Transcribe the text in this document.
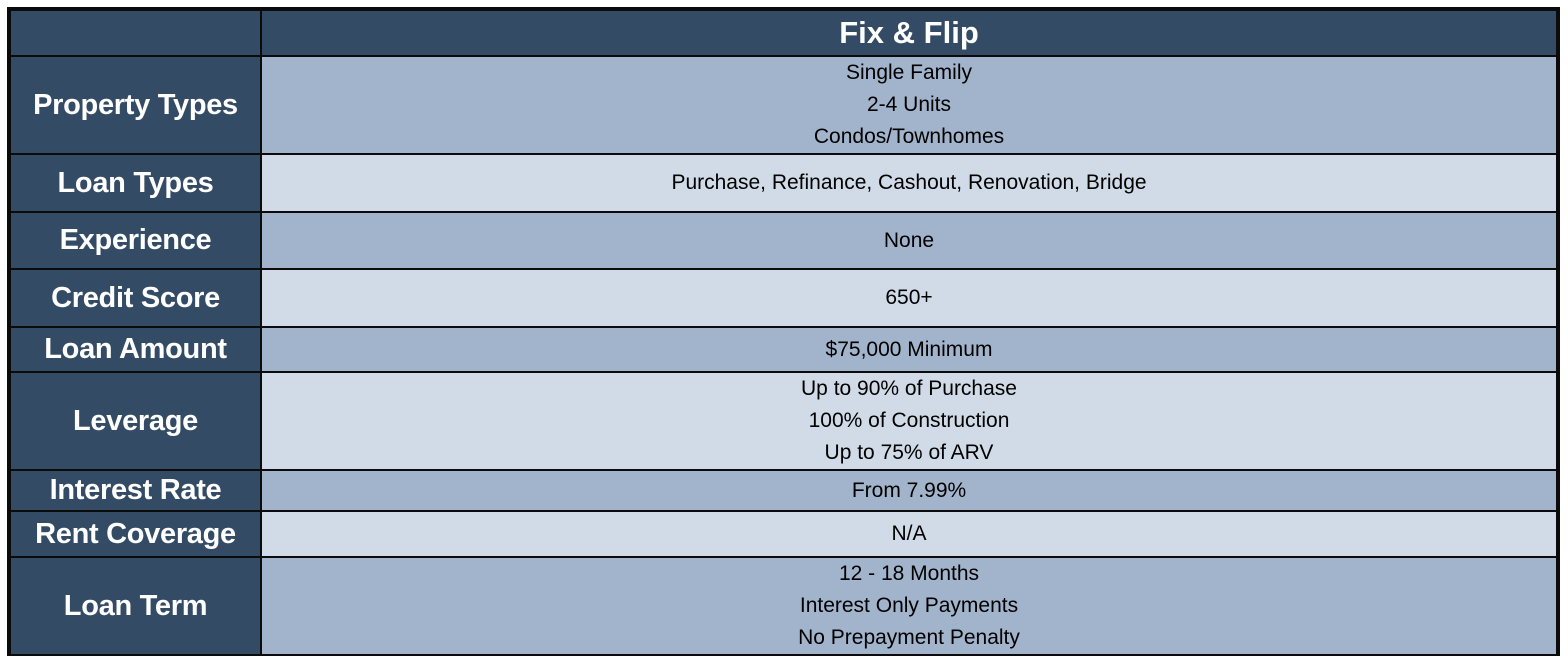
	Fix & Flip
Property Types	Single Family
2-4 Units
Condos/Townhomes

Loan Types	Purchase, Refinance, Cashout, Renovation, Bridge

Experience	None

Credit Score	650+

Loan Amount	$75,000 Minimum

Leverage	Up to 90% of Purchase
100% of Construction
Up to 75% of ARV

Interest Rate	From 7.99%

Rent Coverage	N/A

Loan Term	12 - 18 Months
Interest Only Payments
No Prepayment Penalty
